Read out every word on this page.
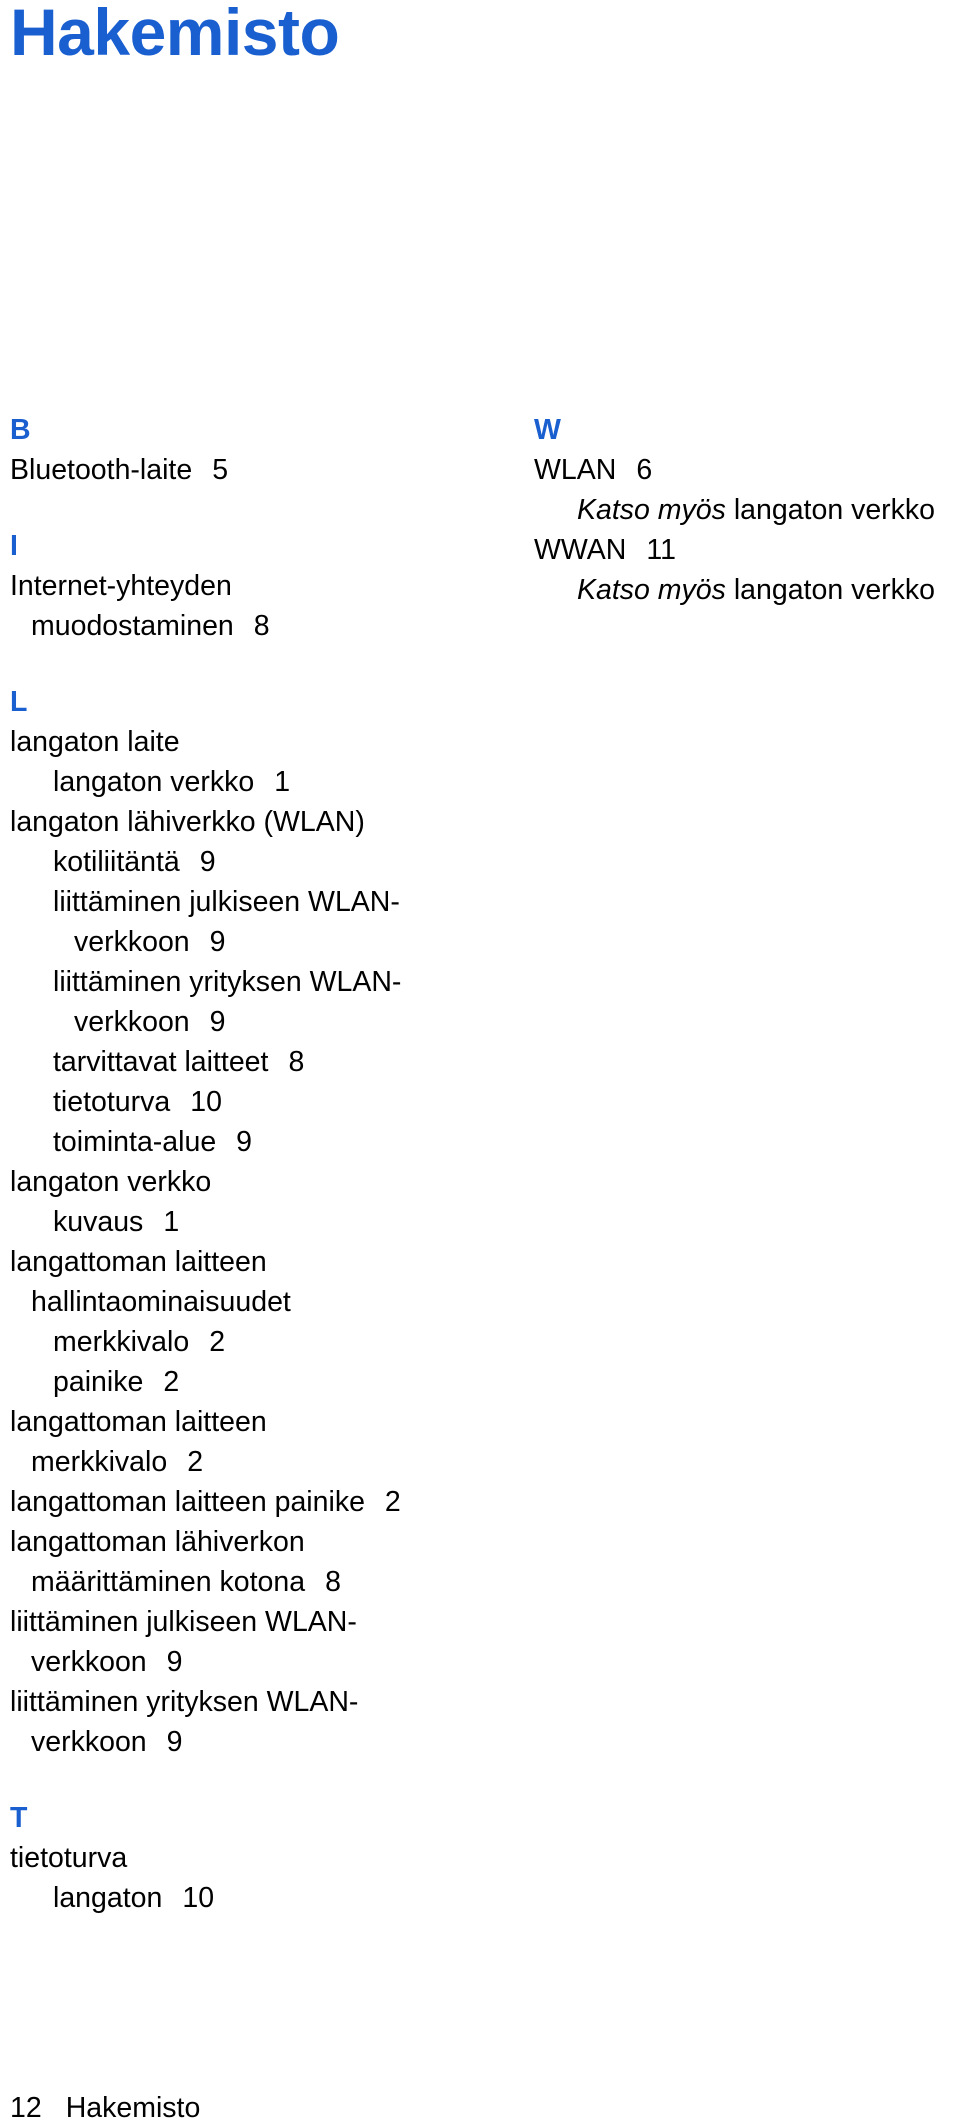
Hakemisto
B
Bluetooth-laite 5
I
Internet-yhteyden
muodostaminen 8
L
langaton laite
langaton verkko 1
langaton lähiverkko (WLAN)
kotiliitäntä 9
liittäminen julkiseen WLAN-
verkkoon 9
liittäminen yrityksen WLAN-
verkkoon 9
tarvittavat laitteet 8
tietoturva 10
toiminta-alue 9
langaton verkko
kuvaus 1
langattoman laitteen
hallintaominaisuudet
merkkivalo 2
painike 2
langattoman laitteen
merkkivalo 2
langattoman laitteen painike 2
langattoman lähiverkon
määrittäminen kotona 8
liittäminen julkiseen WLAN-
verkkoon 9
liittäminen yrityksen WLAN-
verkkoon 9
T
tietoturva
langaton 10
W
WLAN 6
Katso myös langaton verkko
WWAN 11
Katso myös langaton verkko
12 Hakemisto
